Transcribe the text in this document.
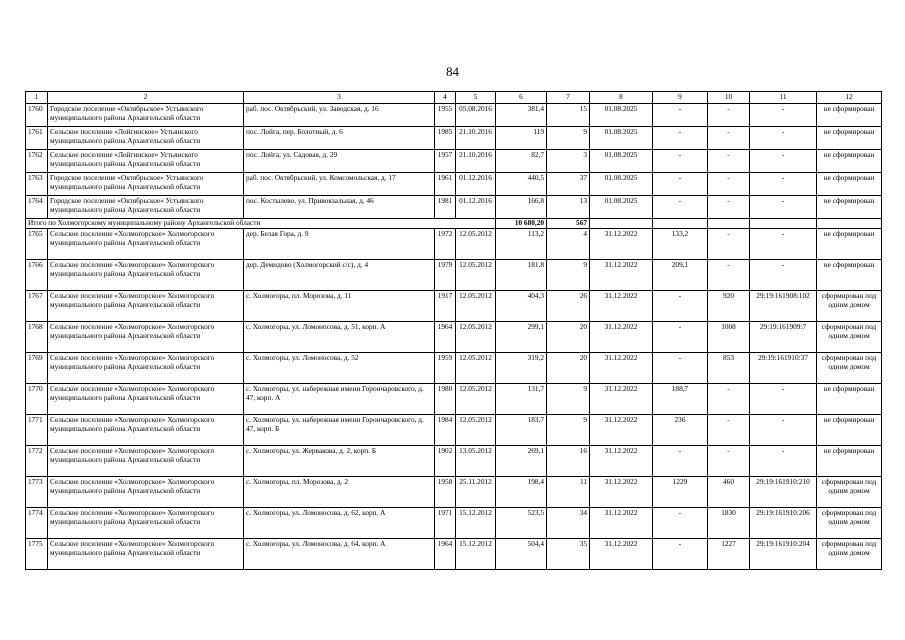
84
1	2	3	4	5	6	7	8	9	10	11	12
1760	Городское поселение «Октябрьское» Устьянского муниципального района Архангельской области	раб. пос. Октябрьский, ул. Заводская, д. 16	1955	05.08.2016	381,4	15	01.08.2025	-	-	-	не сформирован
1761	Сельское поселение «Лойгинское» Устьянского муниципального района Архангельской области	пос. Лойга, пер. Болотный, д. 6	1985	21.10.2016	119	9	01.08.2025	-	-	-	не сформирован
1762	Сельское поселение «Лойгинское» Устьянского муниципального района Архангельской области	пос. Лойга, ул. Садовая, д. 29	1957	21.10.2016	82,7	3	01.08.2025	-	-	-	не сформирован
1763	Городское поселение «Октябрьское» Устьянского муниципального района Архангельской области	раб. пос. Октябрьский, ул. Комсомольская, д. 17	1961	01.12.2016	440,5	37	01.08.2025	-	-	-	не сформирован
1764	Городское поселение «Октябрьское» Устьянского муниципального района Архангельской области	пос. Костылево, ул. Привокзальная, д. 46	1981	01.12.2016	166,8	13	01.08.2025	-	-	-	не сформирован
Итого по Холмогорскому муниципальному району Архангельской области					10 680,20	567					
1765	Сельское поселение «Холмогорское» Холмогорского муниципального района Архангельской области	дер. Белая Гора, д. 9	1972	12.05.2012	113,2	4	31.12.2022	133,2	-	-	не сформирован
1766	Сельское поселение «Холмогорское» Холмогорского муниципального района Архангельской области	дер. Демидово (Холмогорский с/с), д. 4	1979	12.05.2012	181,8	9	31.12.2022	209,1	-	-	не сформирован
1767	Сельское поселение «Холмогорское» Холмогорского муниципального района Архангельской области	с. Холмогоры, пл. Морозова, д. 11	1917	12.05.2012	404,3	26	31.12.2022	-	920	29:19:161908:102	сформирован под одним домом
1768	Сельское поселение «Холмогорское» Холмогорского муниципального района Архангельской области	с. Холмогоры, ул. Ломоносова, д. 51, корп. А	1964	12.05.2012	299,1	20	31.12.2022	-	1008	29:19:161909:7	сформирован под одним домом
1769	Сельское поселение «Холмогорское» Холмогорского муниципального района Архангельской области	с. Холмогоры, ул. Ломоносова, д. 52	1959	12.05.2012	319,2	20	31.12.2022	-	853	29:19:161910:37	сформирован под одним домом
1770	Сельское поселение «Холмогорское» Холмогорского муниципального района Архангельской области	с. Холмогоры, ул. набережная имени Горончаровского, д. 47, корп. А	1980	12.05.2012	131,7	9	31.12.2022	188,7	-	-	не сформирован
1771	Сельское поселение «Холмогорское» Холмогорского муниципального района Архангельской области	с. Холмогоры, ул. набережная имени Горончаровского, д. 47, корп. Б	1984	12.05.2012	183,7	9	31.12.2022	236	-	-	не сформирован
1772	Сельское поселение «Холмогорское» Холмогорского муниципального района Архангельской области	с. Холмогоры, ул. Жервакова, д. 2, корп. Б	1902	13.05.2012	269,1	16	31.12.2022	-	-	-	не сформирован
1773	Сельское поселение «Холмогорское» Холмогорского муниципального района Архангельской области	с. Холмогоры, пл. Морозова, д. 2	1958	25.11.2012	198,4	11	31.12.2022	1229	460	29:19:161910:210	сформирован под одним домом
1774	Сельское поселение «Холмогорское» Холмогорского муниципального района Архангельской области	с. Холмогоры, ул. Ломоносова, д. 62, корп. А	1971	15.12.2012	523,5	34	31.12.2022	-	1830	29:19:161910:206	сформирован под одним домом
1775	Сельское поселение «Холмогорское» Холмогорского муниципального района Архангельской области	с. Холмогоры, ул. Ломоносова, д. 64, корп. А	1964	15.12.2012	504,4	35	31.12.2022	-	1227	29:19:161910:204	сформирован под одним домом
